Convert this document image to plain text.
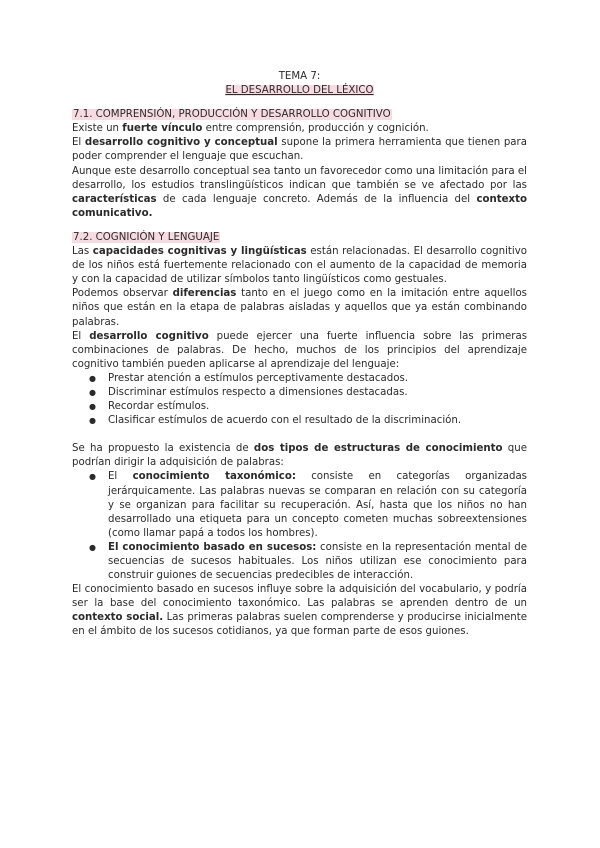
TEMA 7:
EL DESARROLLO DEL LÉXICO
7.1. COMPRENSIÓN, PRODUCCIÓN Y DESARROLLO COGNITIVO

Existe un fuerte vínculo entre comprensión, producción y cognición.

El desarrollo cognitivo y conceptual supone la primera herramienta que tienen para poder comprender el lenguaje que escuchan.

Aunque este desarrollo conceptual sea tanto un favorecedor como una limitación para el desarrollo, los estudios translingüísticos indican que también se ve afectado por las características de cada lenguaje concreto. Además de la influencia del contexto comunicativo.

7.2. COGNICIÓN Y LENGUAJE

Las capacidades cognitivas y lingüísticas están relacionadas. El desarrollo cognitivo de los niños está fuertemente relacionado con el aumento de la capacidad de memoria y con la capacidad de utilizar símbolos tanto lingüísticos como gestuales.

Podemos observar diferencias tanto en el juego como en la imitación entre aquellos niños que están en la etapa de palabras aisladas y aquellos que ya están combinando palabras.

El desarrollo cognitivo puede ejercer una fuerte influencia sobre las primeras combinaciones de palabras. De hecho, muchos de los principios del aprendizaje cognitivo también pueden aplicarse al aprendizaje del lenguaje:

● Prestar atención a estímulos perceptivamente destacados.
● Discriminar estímulos respecto a dimensiones destacadas.
● Recordar estímulos.
● Clasificar estímulos de acuerdo con el resultado de la discriminación.

Se ha propuesto la existencia de dos tipos de estructuras de conocimiento que podrían dirigir la adquisición de palabras:

● El conocimiento taxonómico: consiste en categorías organizadas jerárquicamente. Las palabras nuevas se comparan en relación con su categoría y se organizan para facilitar su recuperación. Así, hasta que los niños no han desarrollado una etiqueta para un concepto cometen muchas sobreextensiones (como llamar papá a todos los hombres).
● El conocimiento basado en sucesos: consiste en la representación mental de secuencias de sucesos habituales. Los niños utilizan ese conocimiento para construir guiones de secuencias predecibles de interacción.

El conocimiento basado en sucesos influye sobre la adquisición del vocabulario, y podría ser la base del conocimiento taxonómico. Las palabras se aprenden dentro de un contexto social. Las primeras palabras suelen comprenderse y producirse inicialmente en el ámbito de los sucesos cotidianos, ya que forman parte de esos guiones.
